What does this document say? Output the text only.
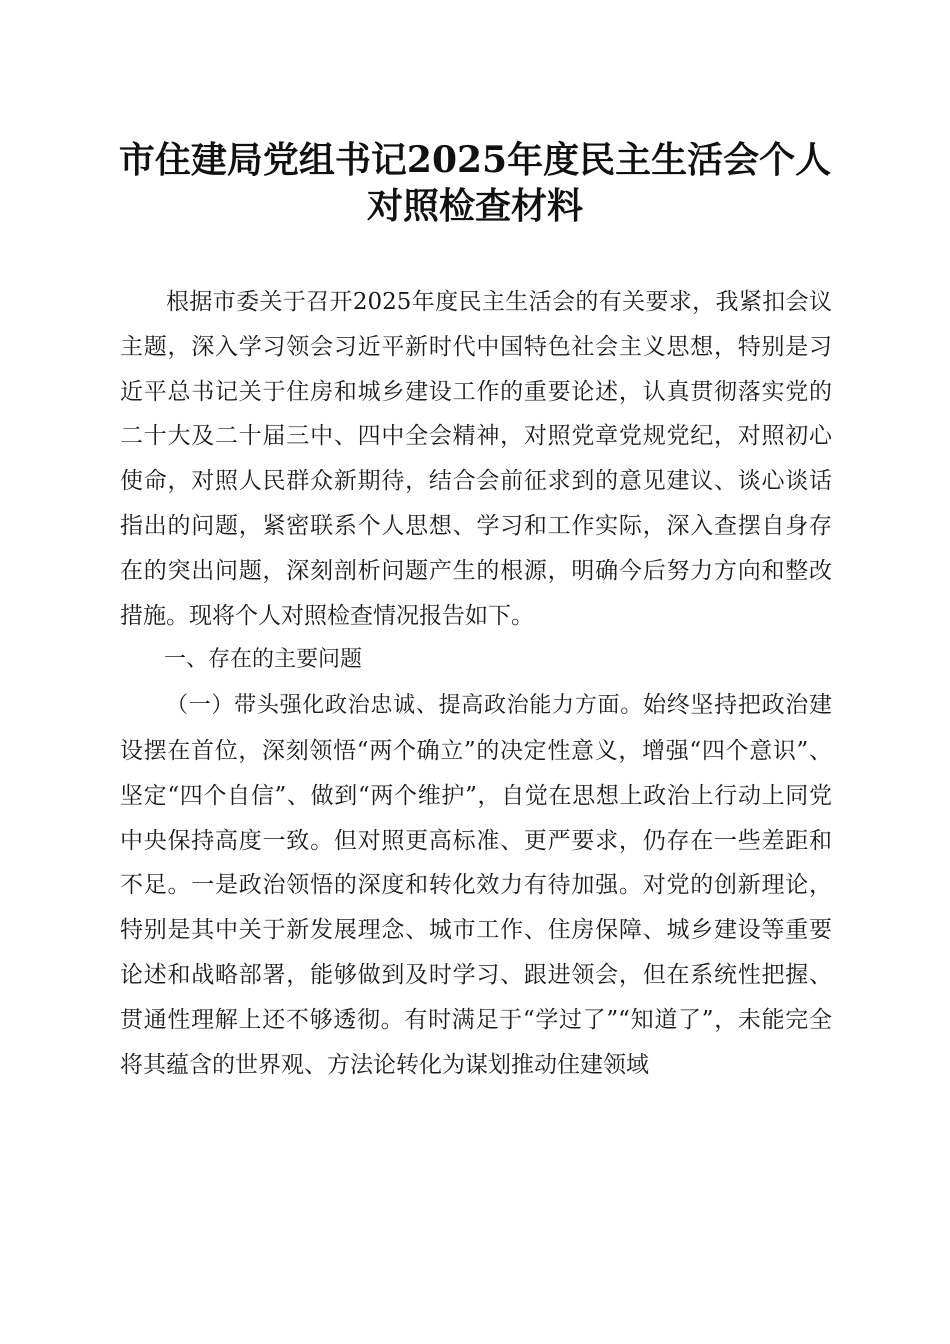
市住建局党组书记2025年度民主生活会个人
对照检查材料

根据市委关于召开2025年度民主生活会的有关要求，我紧扣会议主题，深入学习领会习近平新时代中国特色社会主义思想，特别是习近平总书记关于住房和城乡建设工作的重要论述，认真贯彻落实党的二十大及二十届三中、四中全会精神，对照党章党规党纪，对照初心使命，对照人民群众新期待，结合会前征求到的意见建议、谈心谈话指出的问题，紧密联系个人思想、学习和工作实际，深入查摆自身存在的突出问题，深刻剖析问题产生的根源，明确今后努力方向和整改措施。现将个人对照检查情况报告如下。

一、存在的主要问题

（一）带头强化政治忠诚、提高政治能力方面。始终坚持把政治建设摆在首位，深刻领悟“两个确立”的决定性意义，增强“四个意识”、坚定“四个自信”、做到“两个维护”，自觉在思想上政治上行动上同党中央保持高度一致。但对照更高标准、更严要求，仍存在一些差距和不足。一是政治领悟的深度和转化效力有待加强。对党的创新理论，特别是其中关于新发展理念、城市工作、住房保障、城乡建设等重要论述和战略部署，能够做到及时学习、跟进领会，但在系统性把握、贯通性理解上还不够透彻。有时满足于“学过了”“知道了”，未能完全将其蕴含的世界观、方法论转化为谋划推动住建领域
